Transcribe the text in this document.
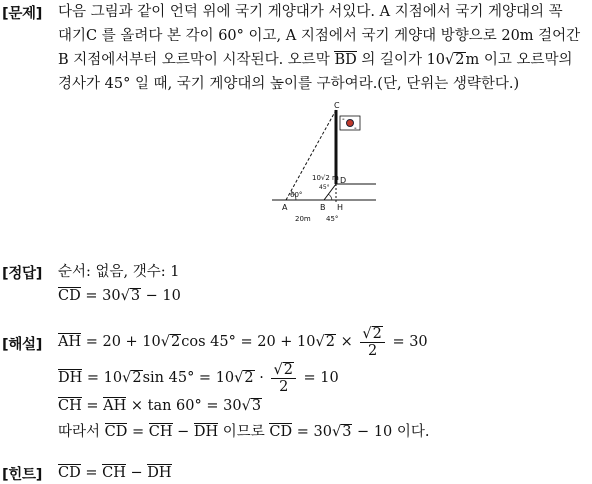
[문제] 다음 그림과 같이 언덕 위에 국기 게양대가 서있다. A 지점에서 국기 게양대의 꼭
대기C 를 올려다 본 각이 60° 이고, A 지점에서 국기 게양대 방향으로 20m 걸어간
B 지점에서부터 오르막이 시작된다. 오르막 BD 의 길이가 10√2m 이고 오르막의
경사가 45° 일 때, 국기 게양대의 높이를 구하여라.(단, 단위는 생략한다.)
≡
≡
C
D
A	B H
10√2 m
45°
60°
20m 45°
[정답] 순서: 없음, 갯수: 1
CD = 30√3 − 10
[해설] AH = 20 + 10√2cos $45^\circ = 20 + 10√2 \times \frac{√2}{2} = 30$
DH = 10√2sin $45^\circ = 10√2 \cdot \frac{√2}{2} = 10$
CH = AH × tan 60° = 30√3
따라서 CD = CH − DH 이므로 CD = 30√3 − 10 이다.
[힌트] CD = CH − DH
